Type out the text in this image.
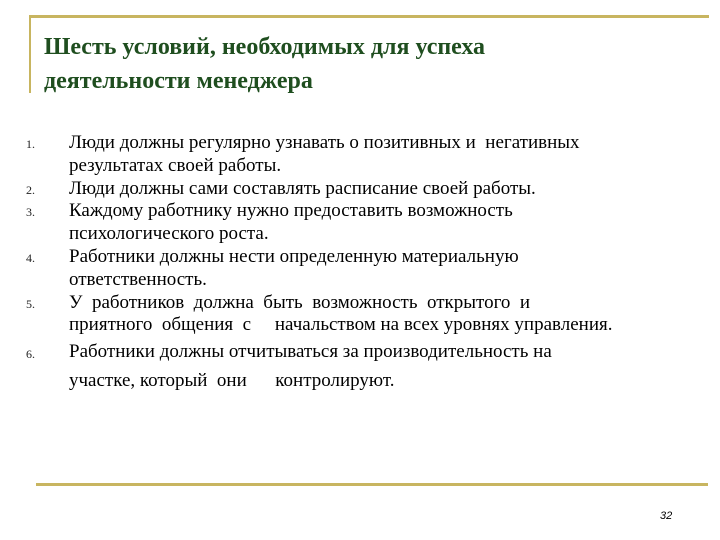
Шесть условий, необходимых для успеха
деятельности менеджера
1. Люди должны регулярно узнавать о позитивных и  негативных
результатах своей работы.
2. Люди должны сами составлять расписание своей работы.
3. Каждому работнику нужно предоставить возможность
психологического роста.
4. Работники должны нести определенную материальную
ответственность.
5. У  работников  должна  быть  возможность  открытого  и
приятного  общения  с     начальством на всех уровнях управления.
6. Работники должны отчитываться за производительность на
участке, который  они      контролируют.
32
